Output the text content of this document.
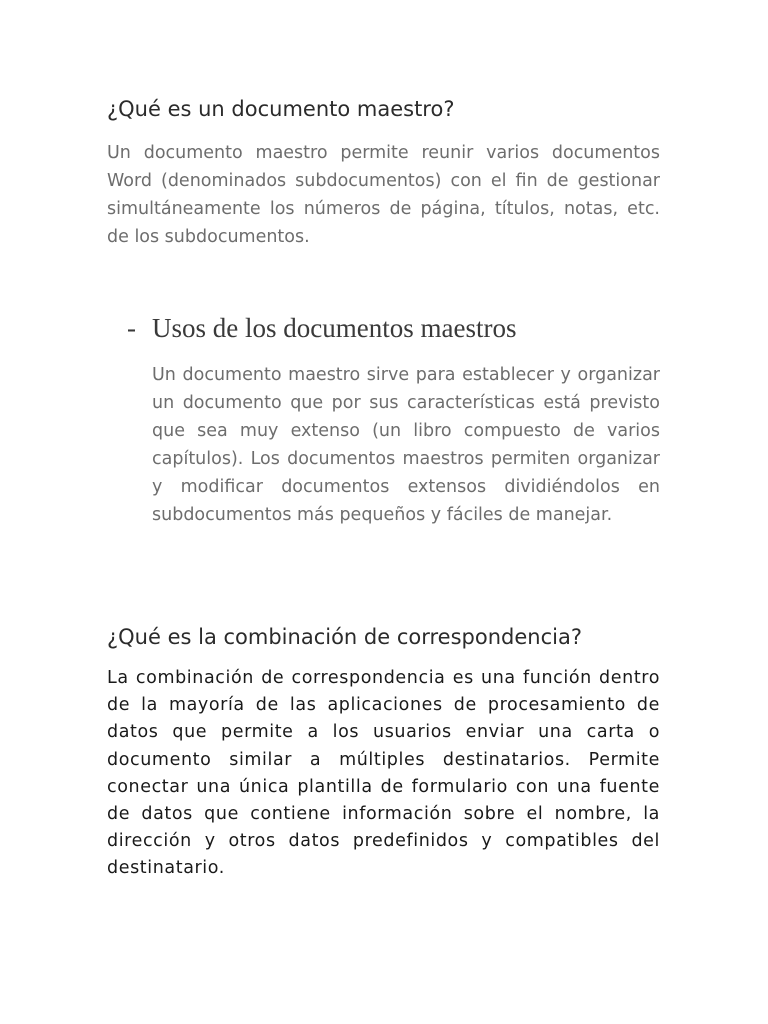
¿Qué es un documento maestro?

Un documento maestro permite reunir varios documentos Word (denominados subdocumentos) con el fin de gestionar simultáneamente los números de página, títulos, notas, etc. de los subdocumentos.

- Usos de los documentos maestros

Un documento maestro sirve para establecer y organizar un documento que por sus características está previsto que sea muy extenso (un libro compuesto de varios capítulos). Los documentos maestros permiten organizar y modificar documentos extensos dividiéndolos en subdocumentos más pequeños y fáciles de manejar.

¿Qué es la combinación de correspondencia?

La combinación de correspondencia es una función dentro de la mayoría de las aplicaciones de procesamiento de datos que permite a los usuarios enviar una carta o documento similar a múltiples destinatarios. Permite conectar una única plantilla de formulario con una fuente de datos que contiene información sobre el nombre, la dirección y otros datos predefinidos y compatibles del destinatario.
